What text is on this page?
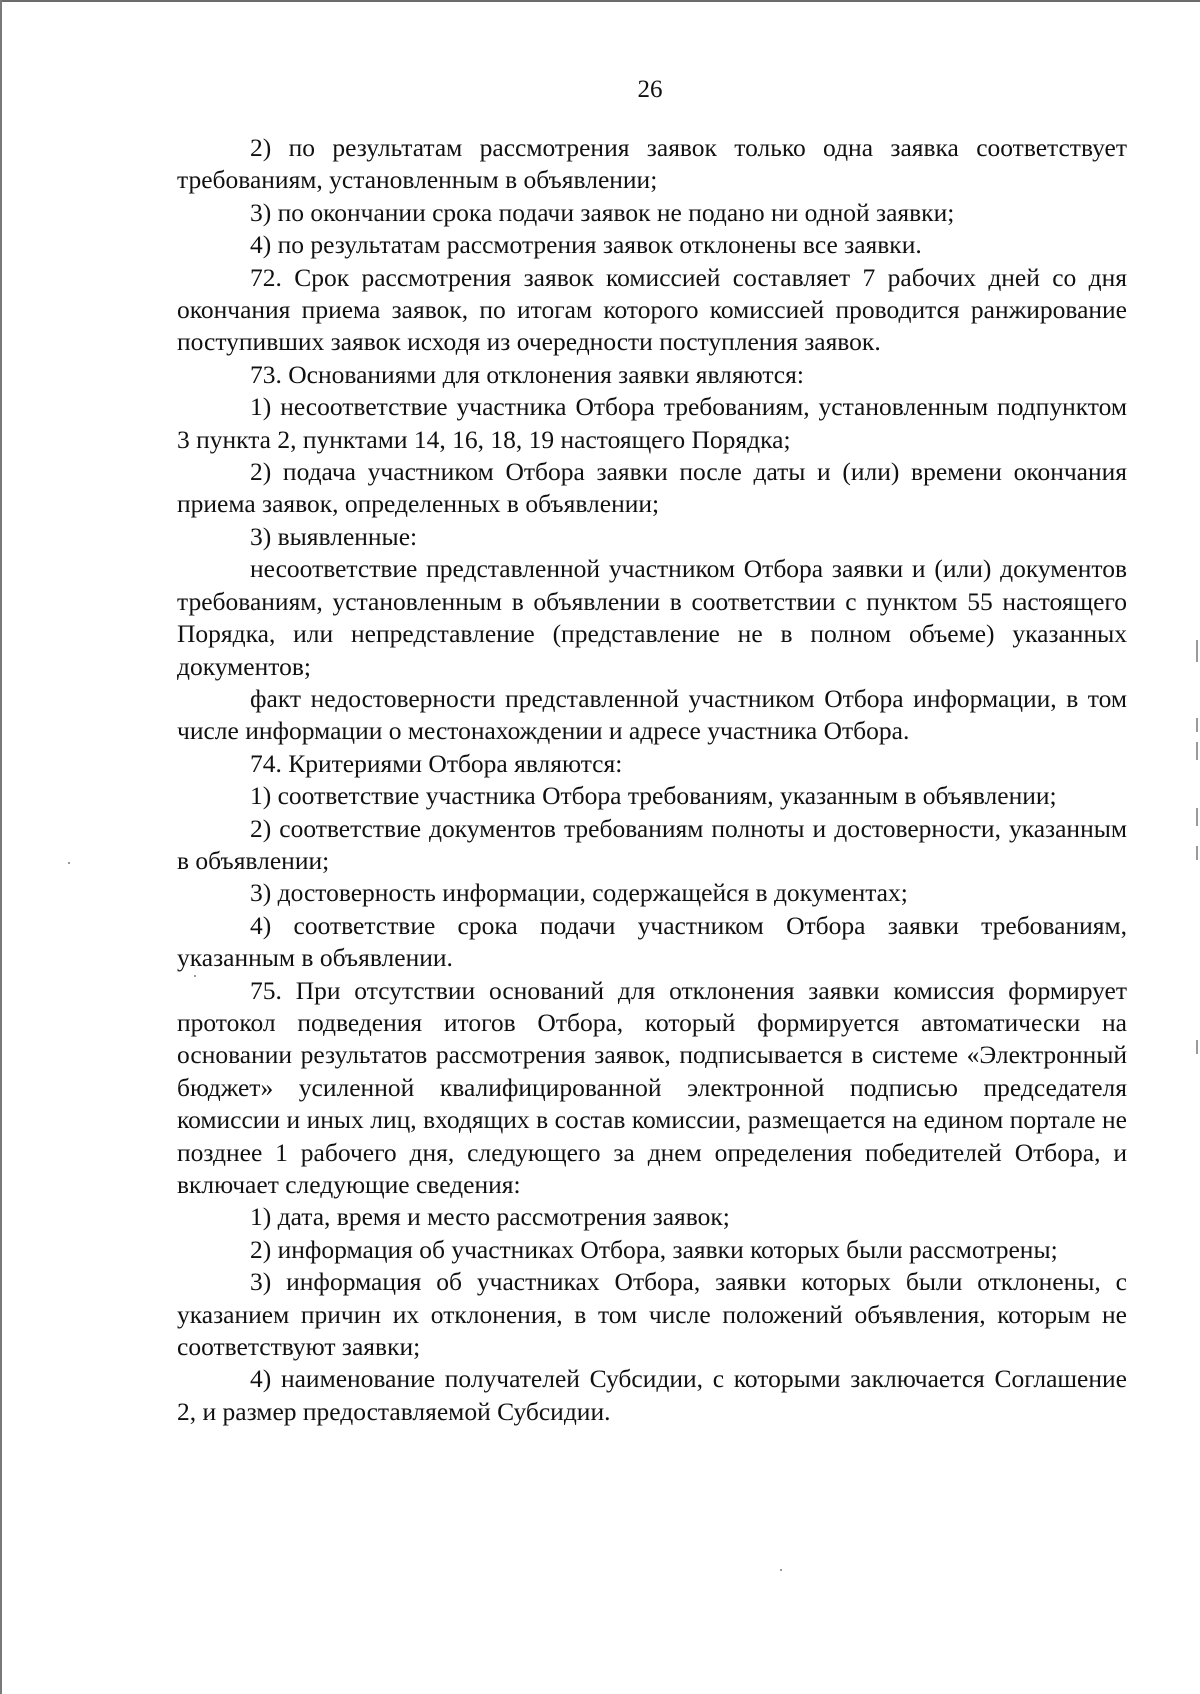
26

2) по результатам рассмотрения заявок только одна заявка соответствует требованиям, установленным в объявлении;

3) по окончании срока подачи заявок не подано ни одной заявки;

4) по результатам рассмотрения заявок отклонены все заявки.

72. Срок рассмотрения заявок комиссией составляет 7 рабочих дней со дня окончания приема заявок, по итогам которого комиссией проводится ранжирование поступивших заявок исходя из очередности поступления заявок.

73. Основаниями для отклонения заявки являются:

1) несоответствие участника Отбора требованиям, установленным подпунктом 3 пункта 2, пунктами 14, 16, 18, 19 настоящего Порядка;

2) подача участником Отбора заявки после даты и (или) времени окончания приема заявок, определенных в объявлении;

3) выявленные:

несоответствие представленной участником Отбора заявки и (или) документов требованиям, установленным в объявлении в соответствии с пунктом 55 настоящего Порядка, или непредставление (представление не в полном объеме) указанных документов;

факт недостоверности представленной участником Отбора информации, в том числе информации о местонахождении и адресе участника Отбора.

74. Критериями Отбора являются:

1) соответствие участника Отбора требованиям, указанным в объявлении;

2) соответствие документов требованиям полноты и достоверности, указанным в объявлении;

3) достоверность информации, содержащейся в документах;

4) соответствие срока подачи участником Отбора заявки требованиям, указанным в объявлении.

75. При отсутствии оснований для отклонения заявки комиссия формирует протокол подведения итогов Отбора, который формируется автоматически на основании результатов рассмотрения заявок, подписывается в системе «Электронный бюджет» усиленной квалифицированной электронной подписью председателя комиссии и иных лиц, входящих в состав комиссии, размещается на едином портале не позднее 1 рабочего дня, следующего за днем определения победителей Отбора, и включает следующие сведения:

1) дата, время и место рассмотрения заявок;

2) информация об участниках Отбора, заявки которых были рассмотрены;

3) информация об участниках Отбора, заявки которых были отклонены, с указанием причин их отклонения, в том числе положений объявления, которым не соответствуют заявки;

4) наименование получателей Субсидии, с которыми заключается Соглашение 2, и размер предоставляемой Субсидии.
